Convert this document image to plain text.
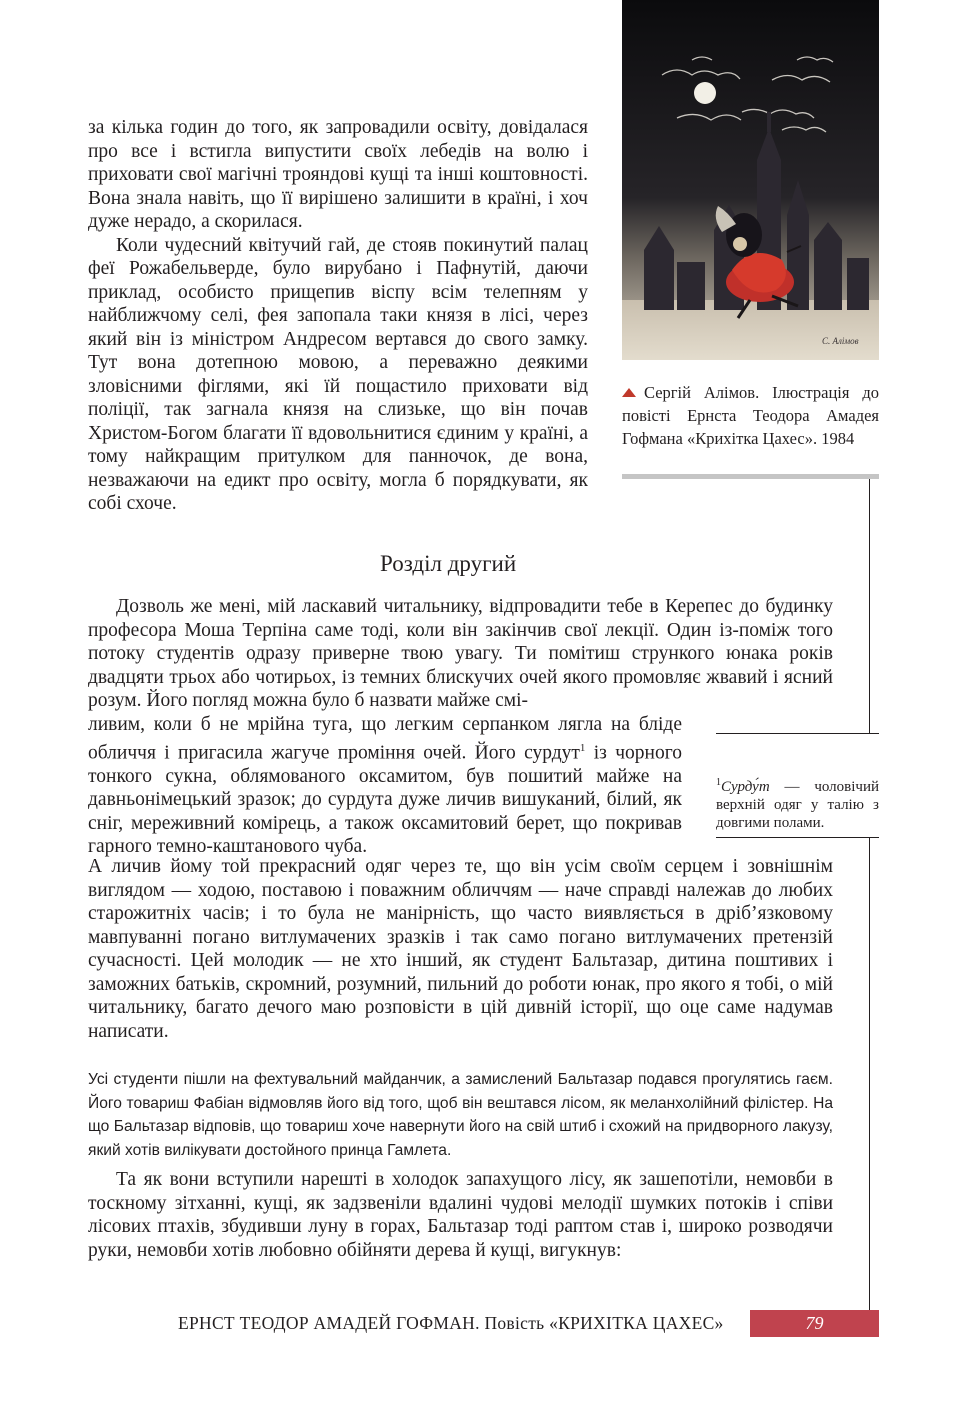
C. Алімов
Сергій Алімов. Ілюстрація до повісті Ернста Теодора Амадея Гофмана «Крихітка Цахес». 1984

за кілька годин до того, як запровадили освіту, довідалася про все і встигла випустити своїх лебедів на волю і приховати свої магічні трояндові кущі та інші коштовності. Вона знала навіть, що її вирішено залишити в країні, і хоч дуже нерадо, а скорилася.

Коли чудесний квітучий гай, де стояв покинутий палац феї Рожабельверде, було вирубано і Пафнутій, даючи приклад, особисто прищепив віспу всім телепням у найближчому селі, фея запопала таки князя в лісі, через який він із міністром Андресом вертався до свого замку. Тут вона дотепною мовою, а переважно деякими зловісними фіглями, які їй пощастило приховати від поліції, так загнала князя на слизьке, що він почав Христом-Богом благати її вдовольнитися єдиним у країні, а тому найкращим притулком для панночок, де вона, незважаючи на едикт про освіту, могла б порядкувати, як собі схоче.

Розділ другий
Дозволь же мені, мій ласкавий читальнику, відпровадити тебе в Керепес до будинку професора Моша Терпіна саме тоді, коли він закінчив свої лекції. Один із-поміж того потоку студентів одразу приверне твою увагу. Ти помітиш стрункого юнака років двадцяти трьох або чотирьох, із темних блискучих очей якого промовляє жвавий і ясний розум. Його погляд можна було б назвати майже смі-
ливим, коли б не мрійна туга, що легким серпанком лягла на бліде обличчя і пригасила жагуче проміння очей. Його сурдут$^1$ із чорного тонкого сукна, облямованого оксамитом, був пошитий майже на давньонімецький зразок; до сурдута дуже личив вишуканий, білий, як сніг, мереживний комірець, а також оксамитовий берет, що покривав гарного темно-каштанового чуба.
А личив йому той прекрасний одяг через те, що він усім своїм серцем і зовнішнім виглядом — ходою, поставою і поважним обличчям — наче справді належав до любих старожитніх часів; і то була не манірність, що часто виявляється в дріб’язковому мавпуванні погано витлумачених зразків і так само погано витлумачених претензій сучасності. Цей молодик — не хто інший, як студент Бальтазар, дитина поштивих і заможних батьків, скромний, розумний, пильний до роботи юнак, про якого я тобі, о мій читальнику, багато дечого маю розповісти в цій дивній історії, що оце саме надумав написати.
$^1$Сурду́т — чоловічий верхній одяг у талію з довгими полами.

Усі студенти пішли на фехтувальний майданчик, а замислений Бальтазар подався прогулятись гаєм. Його товариш Фабіан відмовляв його від того, щоб він вештався лісом, як меланхолійний філістер. На що Бальтазар відповів, що товариш хоче навернути його на свій штиб і схожий на придворного лакузу, який хотів вилікувати достойного принца Гамлета.

Та як вони вступили нарешті в холодок запахущого лісу, як зашепотіли, немовби в тоскному зітханні, кущі, як задзвеніли вдалині чудові мелодії шумких потоків і співи лісових птахів, збудивши луну в горах, Бальтазар тоді раптом став і, широко розводячи руки, немовби хотів любовно обійняти дерева й кущі, вигукнув:
ЕРНСТ ТЕОДОР АМАДЕЙ ГОФМАН. Повість «КРИХІТКА ЦАХЕС»	79
